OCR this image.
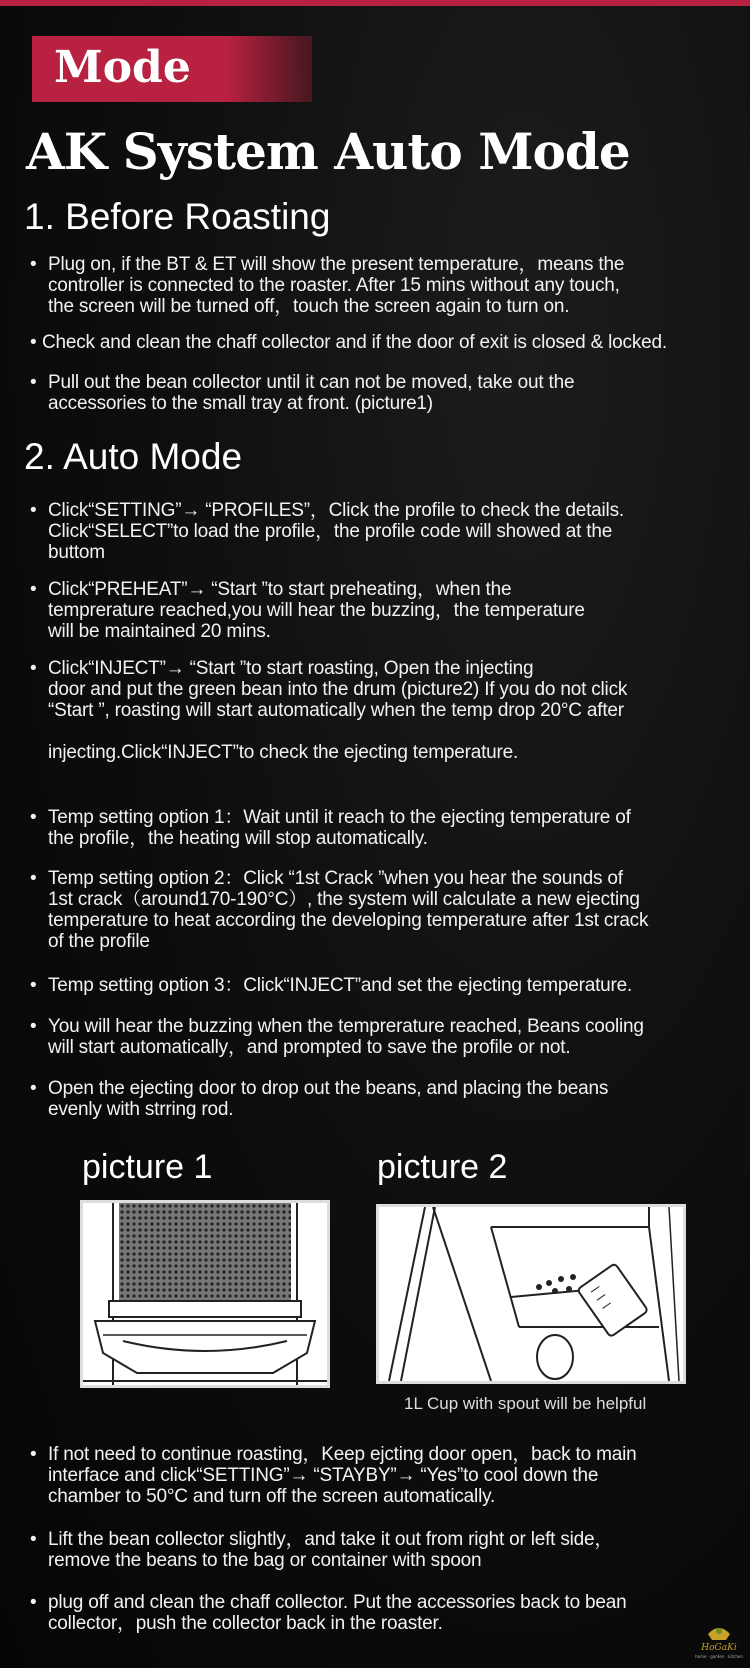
Mode
AK System Auto Mode
1. Before Roasting
• Plug on, if the BT & ET will show the present temperature，means the
controller is connected to the roaster. After 15 mins without any touch,
the screen will be turned off，touch the screen again to turn on.
• Check and clean the chaff collector and if the door of exit is closed & locked.
• Pull out the bean collector until it can not be moved, take out the
accessories to the small tray at front. (picture1)
2. Auto Mode
• Click“SETTING”→ “PROFILES”，Click the profile to check the details.
Click“SELECT”to load the profile，the profile code will showed at the
buttom
• Click“PREHEAT”→ “Start ”to start preheating，when the
temprerature reached,you will hear the buzzing，the temperature
will be maintained 20 mins.
• Click“INJECT”→ “Start ”to start roasting, Open the injecting
door and put the green bean into the drum (picture2) If you do not click
“Start ”, roasting will start automatically when the temp drop 20°C after

injecting.Click“INJECT”to check the ejecting temperature.
• Temp setting option 1：Wait until it reach to the ejecting temperature of
the profile，the heating will stop automatically.
• Temp setting option 2：Click “1st Crack ”when you hear the sounds of
1st crack（around170-190°C）, the system will calculate a new ejecting
temperature to heat according the developing temperature after 1st crack
of the profile
• Temp setting option 3：Click“INJECT”and set the ejecting temperature.
• You will hear the buzzing when the temprerature reached, Beans cooling
will start automatically，and prompted to save the profile or not.
• Open the ejecting door to drop out the beans, and placing the beans
evenly with strring rod.
picture 1	picture 2
1L Cup with spout will be helpful
• If not need to continue roasting，Keep ejcting door open，back to main
interface and click“SETTING”→ “STAYBY”→ “Yes”to cool down the
chamber to 50°C and turn off the screen automatically.
• Lift the bean collector slightly，and take it out from right or left side，
remove the beans to the bag or container with spoon
• plug off and clean the chaff collector. Put the accessories back to bean
collector，push the collector back in the roaster.
HoGaKi
home · garden · kitchen
